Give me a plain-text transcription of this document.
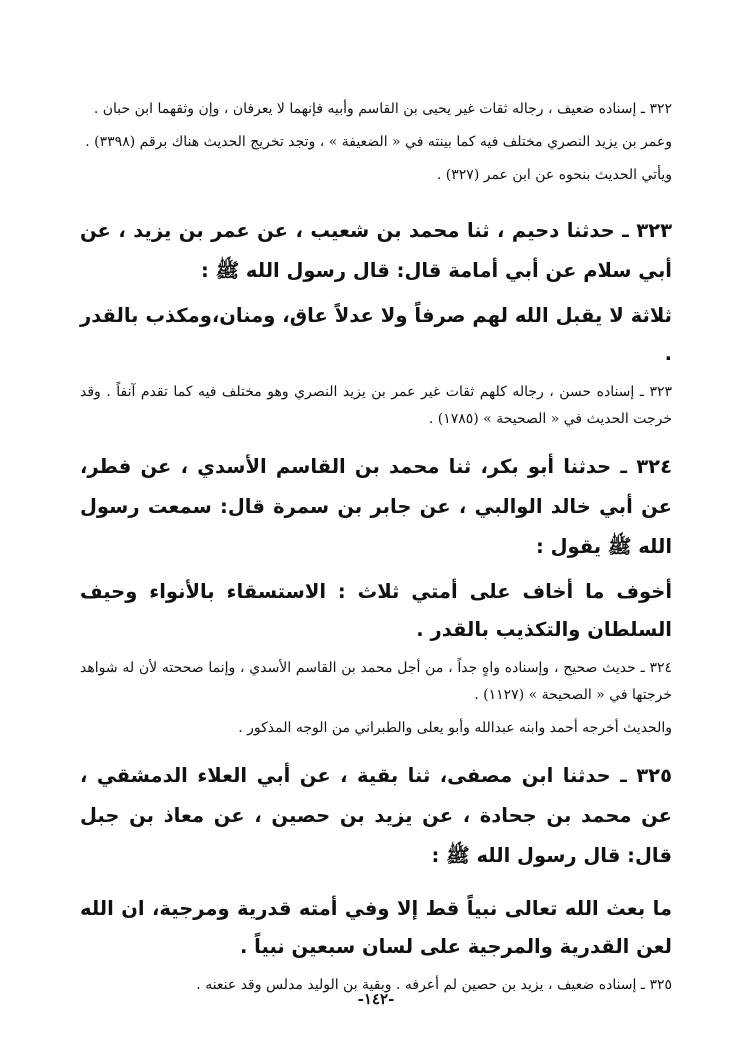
٣٢٢ ـ إسناده ضعيف ، رجاله ثقات غير يحيى بن القاسم وأبيه فإنهما لا يعرفان ، وإن وثقهما ابن حبان .

وعمر بن يزيد النصري مختلف فيه كما بينته في « الضعيفة » ، وتجد تخريج الحديث هناك برقم (٣٣٩٨) .

ويأتي الحديث بنحوه عن ابن عمر (٣٢٧) .

٣٢٣ ـ حدثنا دحيم ، ثنا محمد بن شعيب ، عن عمر بن يزيد ، عن أبي سلام عن أبي أمامة قال: قال رسول الله ﷺ :

ثلاثة لا يقبل الله لهم صرفاً ولا عدلاً عاق، ومنان،ومكذب بالقدر .

٣٢٣ ـ إسناده حسن ، رجاله كلهم ثقات غير عمر بن يزيد النصري وهو مختلف فيه كما تقدم آنفاً . وقد خرجت الحديث في « الصحيحة » (١٧٨٥) .

٣٢٤ ـ حدثنا أبو بكر، ثنا محمد بن القاسم الأسدي ، عن فطر، عن أبي خالد الوالبي ، عن جابر بن سمرة قال: سمعت رسول الله ﷺ يقول :

أخوف ما أخاف على أمتي ثلاث : الاستسقاء بالأنواء وحيف السلطان والتكذيب بالقدر .

٣٢٤ ـ حديث صحيح ، وإسناده واهٍ جداً ، من أجل محمد بن القاسم الأسدي ، وإنما صححته لأن له شواهد خرجتها في « الصحيحة » (١١٢٧) .

والحديث أخرجه أحمد وابنه عبدالله وأبو يعلى والطبراني من الوجه المذكور .

٣٢٥ ـ حدثنا ابن مصفى، ثنا بقية ، عن أبي العلاء الدمشقي ، عن محمد بن جحادة ، عن يزيد بن حصين ، عن معاذ بن جبل قال: قال رسول الله ﷺ :

ما بعث الله تعالى نبياً قط إلا وفي أمته قدرية ومرجية، ان الله لعن القدرية والمرجية على لسان سبعين نبياً .

٣٢٥ ـ إسناده ضعيف ، يزيد بن حصين لم أعرفه . وبقية بن الوليد مدلس وقد عنعنه .

-١٤٢-
